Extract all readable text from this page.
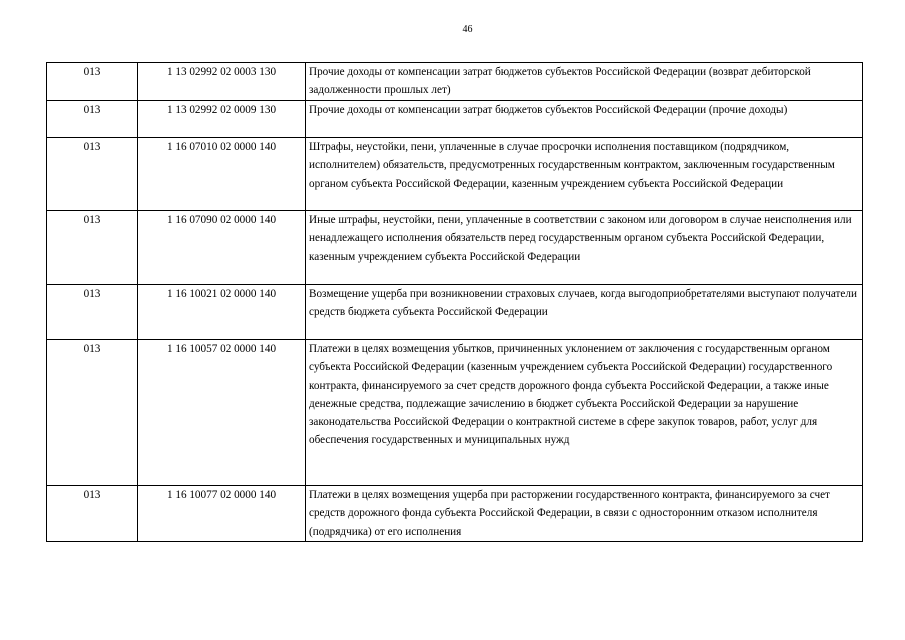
46
013	1 13 02992 02 0003 130	Прочие доходы от компенсации затрат бюджетов субъектов Российской Федерации (возврат дебиторской задолженности прошлых лет)
013	1 13 02992 02 0009 130	Прочие доходы от компенсации затрат бюджетов субъектов Российской Федерации (прочие доходы)
013	1 16 07010 02 0000 140	Штрафы, неустойки, пени, уплаченные в случае просрочки исполнения поставщиком (подрядчиком, исполнителем) обязательств, предусмотренных государственным контрактом, заключенным государственным органом субъекта Российской Федерации, казенным учреждением субъекта Российской Федерации
013	1 16 07090 02 0000 140	Иные штрафы, неустойки, пени, уплаченные в соответствии с законом или договором в случае неисполнения или ненадлежащего исполнения обязательств перед государственным органом субъекта Российской Федерации, казенным учреждением субъекта Российской Федерации
013	1 16 10021 02 0000 140	Возмещение ущерба при возникновении страховых случаев, когда выгодоприобретателями выступают получатели средств бюджета субъекта Российской Федерации
013	1 16 10057 02 0000 140	Платежи в целях возмещения убытков, причиненных уклонением от заключения с государственным органом субъекта Российской Федерации (казенным учреждением субъекта Российской Федерации) государственного контракта, финансируемого за счет средств дорожного фонда субъекта Российской Федерации, а также иные денежные средства, подлежащие зачислению в бюджет субъекта Российской Федерации за нарушение законодательства Российской Федерации о контрактной системе в сфере закупок товаров, работ, услуг для обеспечения государственных и муниципальных нужд
013	1 16 10077 02 0000 140	Платежи в целях возмещения ущерба при расторжении государственного контракта, финансируемого за счет средств дорожного фонда субъекта Российской Федерации, в связи с односторонним отказом исполнителя (подрядчика) от его исполнения
